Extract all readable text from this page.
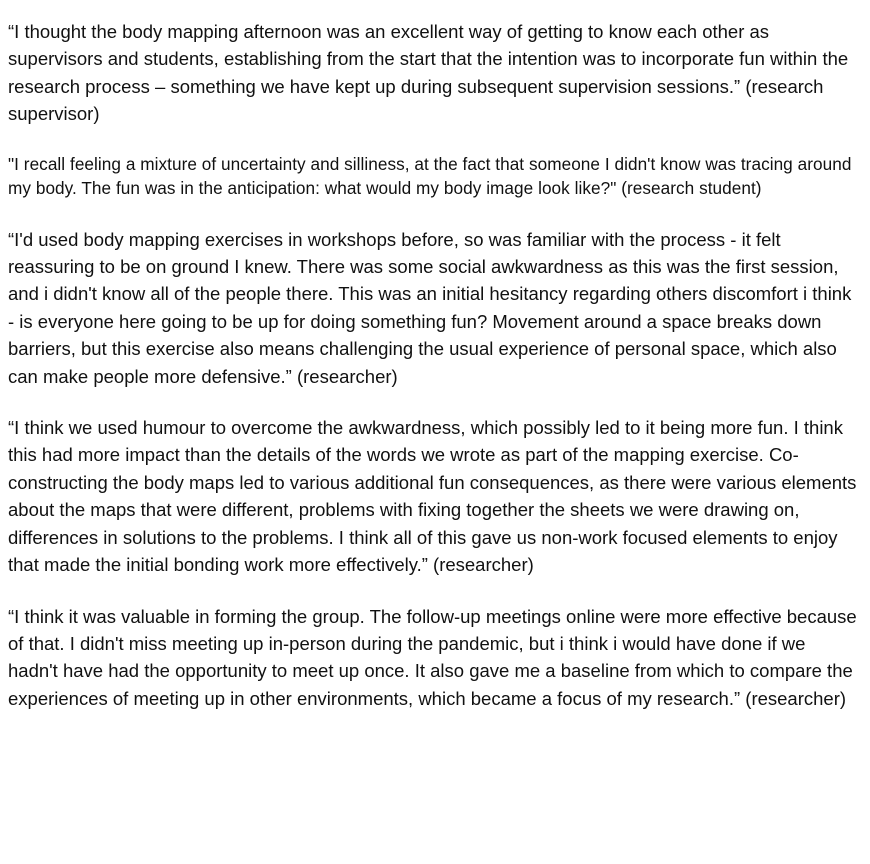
“I thought the body mapping afternoon was an excellent way of getting to know each other as supervisors and students, establishing from the start that the intention was to incorporate fun within the research process – something we have kept up during subsequent supervision sessions.” (research supervisor)

"I recall feeling a mixture of uncertainty and silliness, at the fact that someone I didn't know was tracing around my body. The fun was in the anticipation: what would my body image look like?" (research student)

“I'd used body mapping exercises in workshops before, so was familiar with the process - it felt reassuring to be on ground I knew. There was some social awkwardness as this was the first session, and i didn't know all of the people there. This was an initial hesitancy regarding others discomfort i think - is everyone here going to be up for doing something fun? Movement around a space breaks down barriers, but this exercise also means challenging the usual experience of personal space, which also can make people more defensive.” (researcher)

“I think we used humour to overcome the awkwardness, which possibly led to it being more fun. I think this had more impact than the details of the words we wrote as part of the mapping exercise. Co-constructing the body maps led to various additional fun consequences, as there were various elements about the maps that were different, problems with fixing together the sheets we were drawing on, differences in solutions to the problems. I think all of this gave us non-work focused elements to enjoy that made the initial bonding work more effectively.” (researcher)

“I think it was valuable in forming the group. The follow-up meetings online were more effective because of that. I didn't miss meeting up in-person during the pandemic, but i think i would have done if we hadn't have had the opportunity to meet up once. It also gave me a baseline from which to compare the experiences of meeting up in other environments, which became a focus of my research.” (researcher)
